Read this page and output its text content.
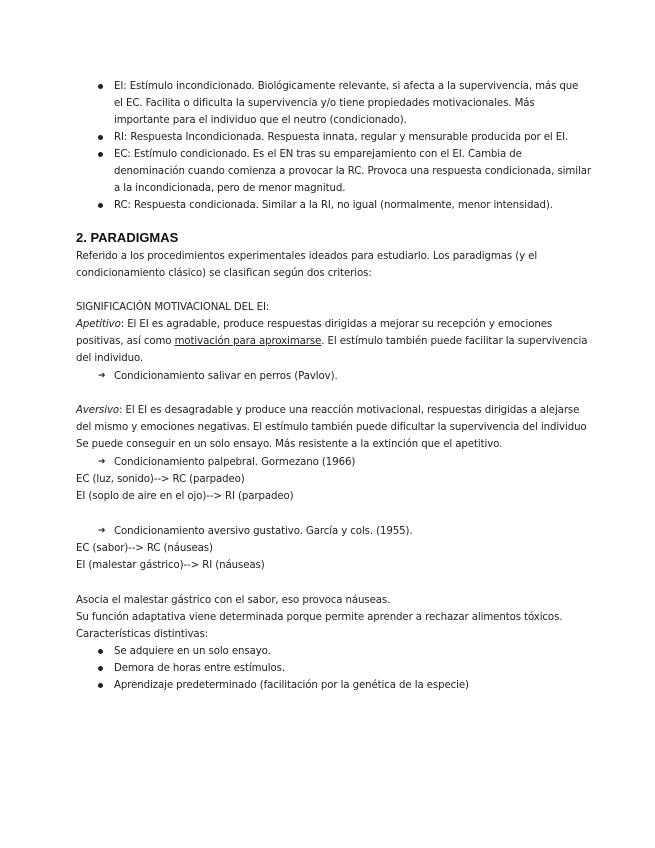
EI: Estímulo incondicionado. Biológicamente relevante, si afecta a la supervivencia, más que
el EC. Facilita o dificulta la supervivencia y/o tiene propiedades motivacionales. Más
importante para el individuo que el neutro (condicionado).
RI: Respuesta Incondicionada. Respuesta innata, regular y mensurable producida por el EI.
EC: Estímulo condicionado. Es el EN tras su emparejamiento con el EI. Cambia de
denominación cuando comienza a provocar la RC. Provoca una respuesta condicionada, similar
a la incondicionada, pero de menor magnitud.
RC: Respuesta condicionada. Similar a la RI, no igual (normalmente, menor intensidad).
2. PARADIGMAS
Referido a los procedimientos experimentales ideados para estudiarlo. Los paradigmas (y el
condicionamiento clásico) se clasifican según dos criterios:
SIGNIFICACIÓN MOTIVACIONAL DEL EI:
Apetitivo: El EI es agradable, produce respuestas dirigidas a mejorar su recepción y emociones
positivas, así como motivación para aproximarse. El estímulo también puede facilitar la supervivencia
del individuo.
➔ Condicionamiento salivar en perros (Pavlov).
Aversivo: El EI es desagradable y produce una reacción motivacional, respuestas dirigidas a alejarse
del mismo y emociones negativas. El estímulo también puede dificultar la supervivencia del individuo
Se puede conseguir en un solo ensayo. Más resistente a la extinción que el apetitivo.
➔ Condicionamiento palpebral. Gormezano (1966)
EC (luz, sonido)--> RC (parpadeo)
EI (soplo de aire en el ojo)--> RI (parpadeo)
➔ Condicionamiento aversivo gustativo. García y cols. (1955).
EC (sabor)--> RC (náuseas)
EI (malestar gástrico)--> RI (náuseas)
Asocia el malestar gástrico con el sabor, eso provoca náuseas.
Su función adaptativa viene determinada porque permite aprender a rechazar alimentos tóxicos.
Características distintivas:
Se adquiere en un solo ensayo.
Demora de horas entre estímulos.
Aprendizaje predeterminado (facilitación por la genética de la especie)
